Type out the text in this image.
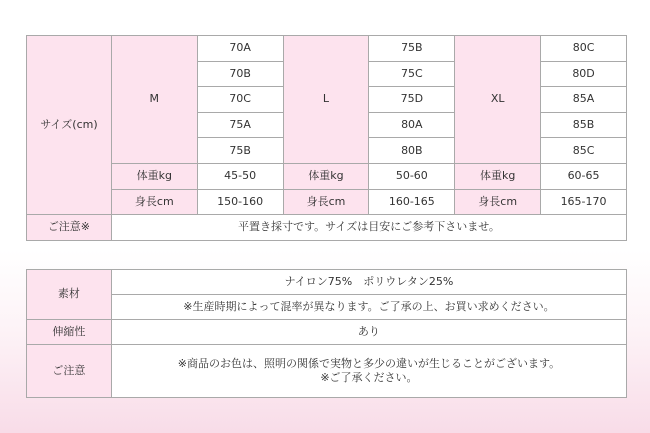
サイズ(cm)	M	70A	L	75B	XL	80C
		70B		75C		80D
		70C		75D		85A
		75A		80A		85B
		75B		80B		85C
	体重kg	45-50	体重kg	50-60	体重kg	60-65
	身長cm	150-160	身長cm	160-165	身長cm	165-170
ご注意※	平置き採寸です。サイズは目安にご参考下さいませ。					
素材	ナイロン75%　ポリウレタン25%
	※生産時期によって混率が異なります。ご了承の上、お買い求めください。
伸縮性	あり
ご注意	※商品のお色は、照明の関係で実物と多少の違いが生じることがございます。
※ご了承ください。
